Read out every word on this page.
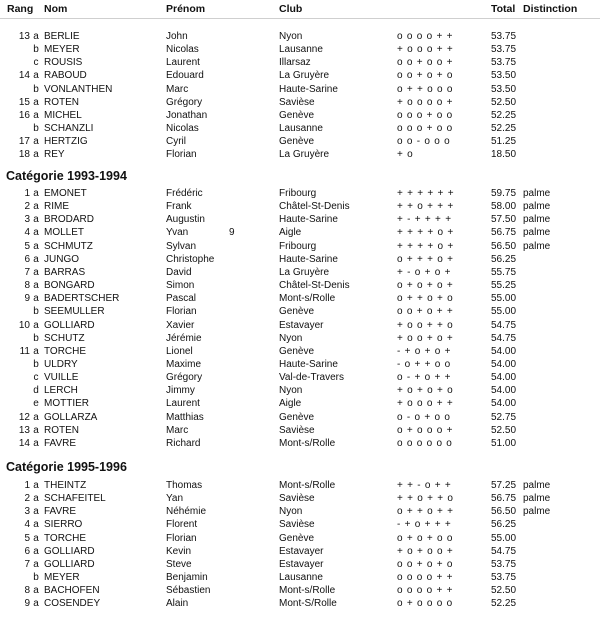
Rang Nom	Prénom	Club	Total Distinction
13 a BERLIE	John	Nyon	oooo++	53.75
b MEYER	Nicolas	Lausanne	+ooo++	53.75
c ROUSIS	Laurent	Illarsaz	oo+oo+	53.75
14 a RABOUD	Edouard	La Gruyère	oo+o+o	53.50
b VONLANTHEN	Marc	Haute-Sarine	o++ooo	53.50
15 a ROTEN	Grégory	Savièse	+oooo+	52.50
16 a MICHEL	Jonathan	Genève	ooo+oo	52.25
b SCHANZLI	Nicolas	Lausanne	ooo+oo	52.25
17 a HERTZIG	Cyril	Genève	oo-ooo	51.25
18 a REY	Florian	La Gruyère	+o	18.50
Catégorie 1993-1994
1 a EMONET	Frédéric	Fribourg	++++++	59.75 palme
2 a RIME	Frank	Châtel-St-Denis	++o+++	58.00 palme
3 a BRODARD	Augustin	Haute-Sarine	+-++++	57.50 palme
4 a MOLLET	Yvan	9	Aigle	++++o+	56.75 palme
5 a SCHMUTZ	Sylvan	Fribourg	++++o+	56.50 palme
6 a JUNGO	Christophe	Haute-Sarine	o+++o+	56.25
7 a BARRAS	David	La Gruyère	+-o+o+	55.75
8 a BONGARD	Simon	Châtel-St-Denis	o+o+o+	55.25
9 a BADERTSCHER	Pascal	Mont-s/Rolle	o++o+o	55.00
b SEEMULLER	Florian	Genève	oo+o++	55.00
10 a GOLLIARD	Xavier	Estavayer	+oo++o	54.75
b SCHUTZ	Jérémie	Nyon	+oo+o+	54.75
11 a TORCHE	Lionel	Genève	-+o+o+	54.00
b ULDRY	Maxime	Haute-Sarine	-o++oo	54.00
c VUILLE	Grégory	Val-de-Travers	o-+o++	54.00
d LERCH	Jimmy	Nyon	+o+o+o	54.00
e MOTTIER	Laurent	Aigle	+ooo++	54.00
12 a GOLLARZA	Matthias	Genève	o-o+oo	52.75
13 a ROTEN	Marc	Savièse	o+ooo+	52.50
14 a FAVRE	Richard	Mont-s/Rolle	oooooo	51.00
Catégorie 1995-1996
1 a THEINTZ	Thomas	Mont-s/Rolle	++-o++	57.25 palme
2 a SCHAFEITEL	Yan	Savièse	++o++o	56.75 palme
3 a FAVRE	Néhémie	Nyon	o++o++	56.50 palme
4 a SIERRO	Florent	Savièse	-+o+++	56.25
5 a TORCHE	Florian	Genève	o+o+oo	55.00
6 a GOLLIARD	Kevin	Estavayer	+o+oo+	54.75
7 a GOLLIARD	Steve	Estavayer	oo+o+o	53.75
b MEYER	Benjamin	Lausanne	oooo++	53.75
8 a BACHOFEN	Sébastien	Mont-s/Rolle	oooo++	52.50
9 a COSENDEY	Alain	Mont-S/Rolle	o+oooo	52.25
